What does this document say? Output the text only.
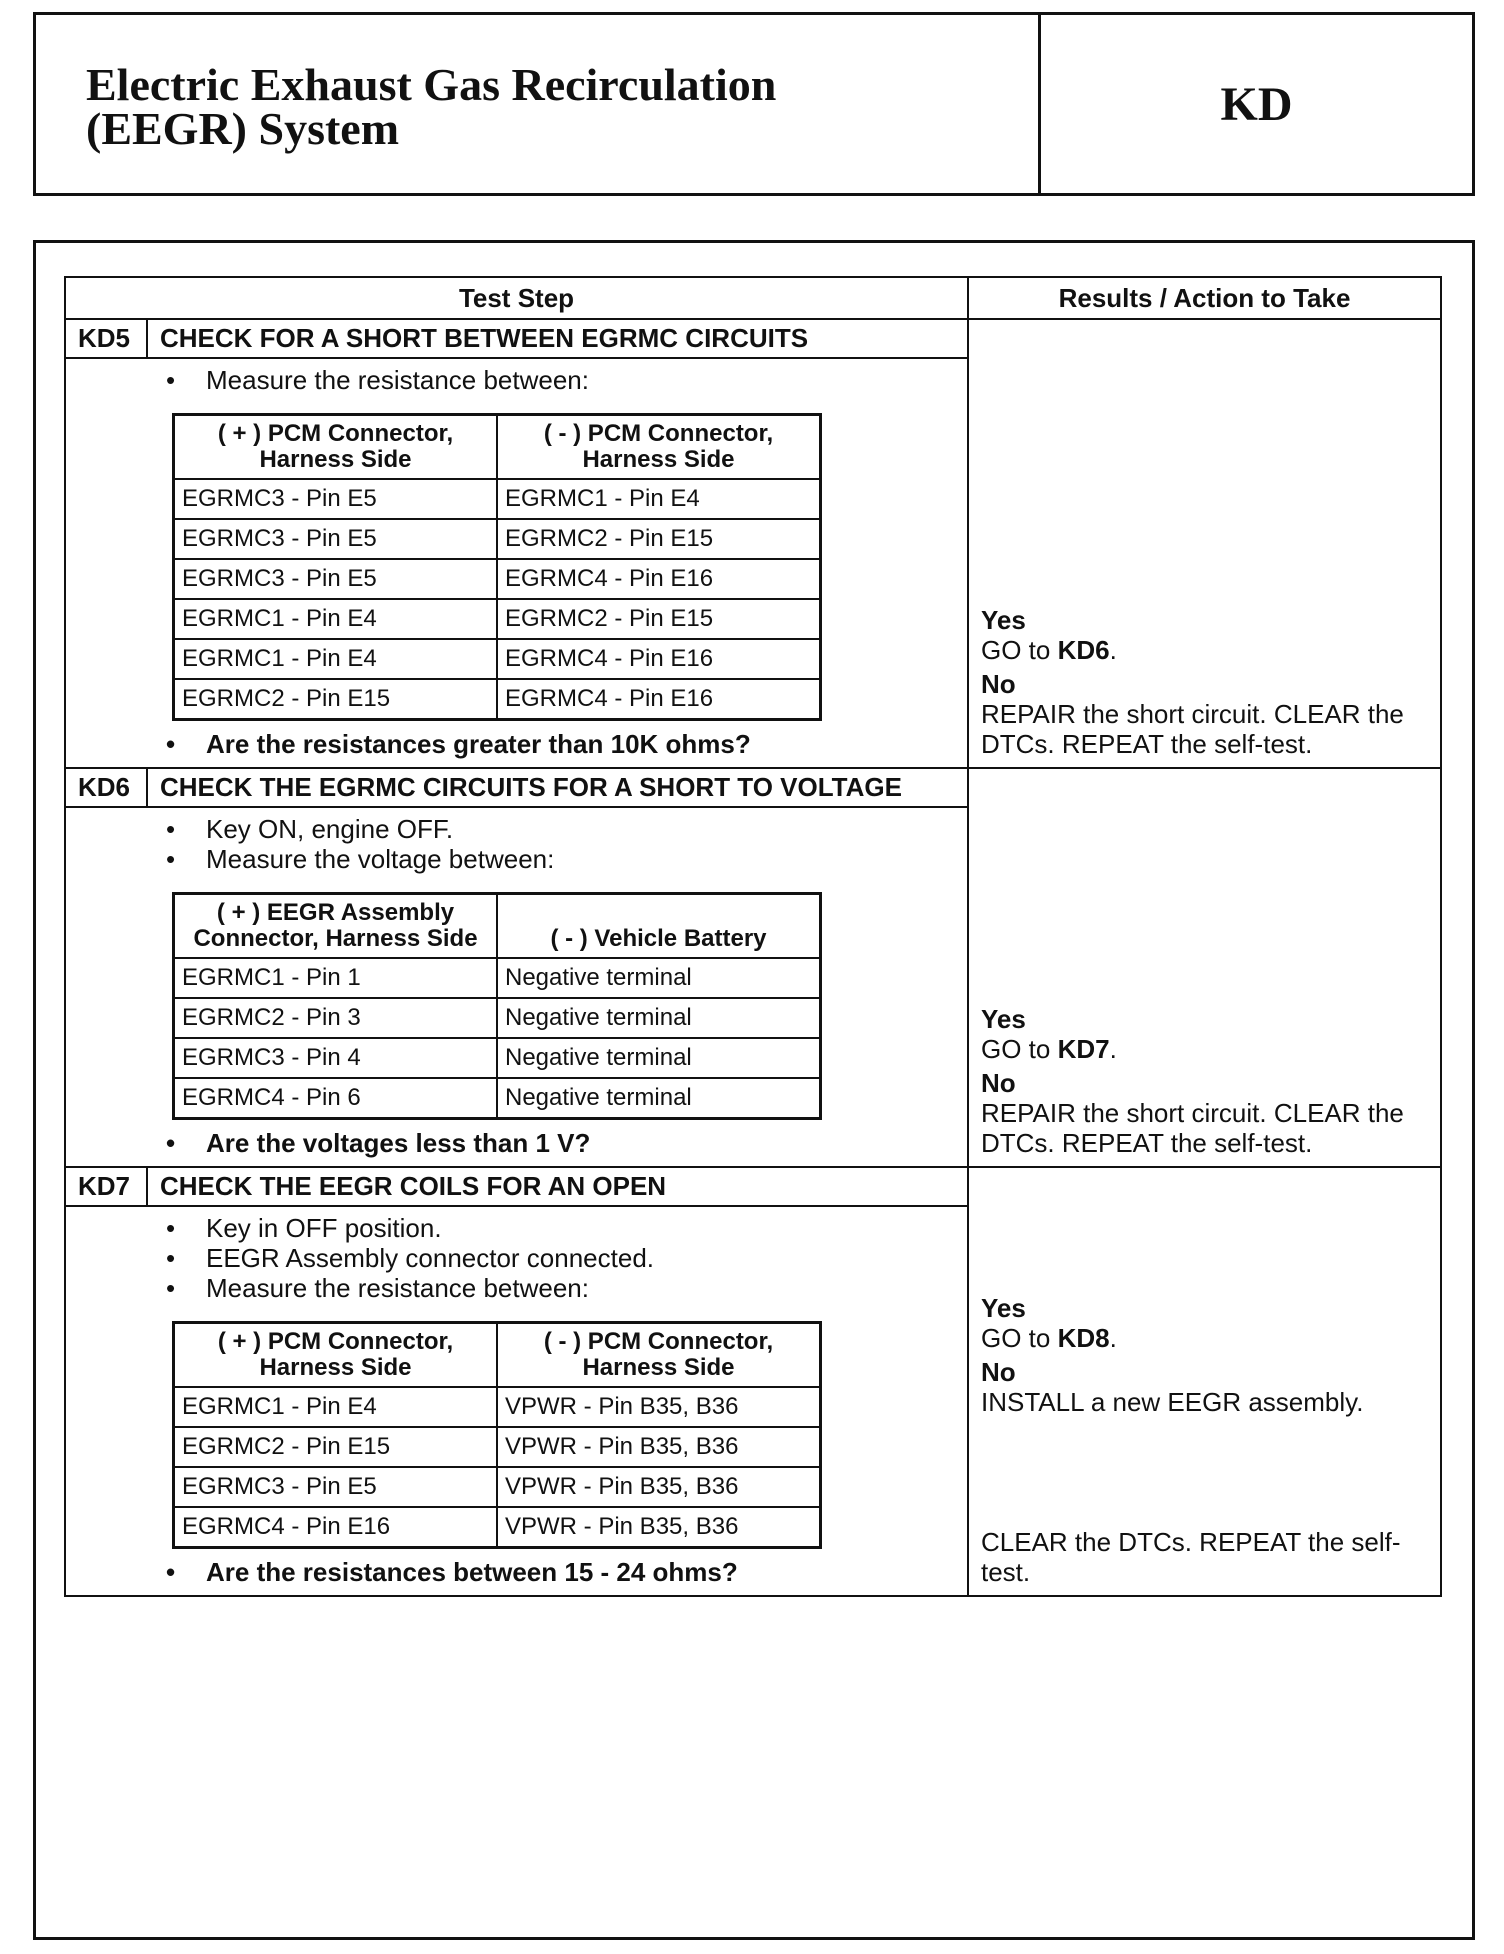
Electric Exhaust Gas Recirculation
(EEGR) System	KD
Test Step	Results / Action to Take

KD5	CHECK FOR A SHORT BETWEEN EGRMC CIRCUITS
• Measure the resistance between:
( + ) PCM Connector, Harness Side	( - ) PCM Connector, Harness Side
EGRMC3 - Pin E5	EGRMC1 - Pin E4
EGRMC3 - Pin E5	EGRMC2 - Pin E15
EGRMC3 - Pin E5	EGRMC4 - Pin E16
EGRMC1 - Pin E4	EGRMC2 - Pin E15
EGRMC1 - Pin E4	EGRMC4 - Pin E16
EGRMC2 - Pin E15	EGRMC4 - Pin E16
• Are the resistances greater than 10K ohms?

Yes
GO to KD6.
No
REPAIR the short circuit. CLEAR the DTCs. REPEAT the self-test.

KD6	CHECK THE EGRMC CIRCUITS FOR A SHORT TO VOLTAGE
• Key ON, engine OFF.
• Measure the voltage between:
( + ) EEGR Assembly Connector, Harness Side	( - ) Vehicle Battery
EGRMC1 - Pin 1	Negative terminal
EGRMC2 - Pin 3	Negative terminal
EGRMC3 - Pin 4	Negative terminal
EGRMC4 - Pin 6	Negative terminal
• Are the voltages less than 1 V?

Yes
GO to KD7.
No
REPAIR the short circuit. CLEAR the DTCs. REPEAT the self-test.

KD7	CHECK THE EEGR COILS FOR AN OPEN
• Key in OFF position.
• EEGR Assembly connector connected.
• Measure the resistance between:
( + ) PCM Connector, Harness Side	( - ) PCM Connector, Harness Side
EGRMC1 - Pin E4	VPWR - Pin B35, B36
EGRMC2 - Pin E15	VPWR - Pin B35, B36
EGRMC3 - Pin E5	VPWR - Pin B35, B36
EGRMC4 - Pin E16	VPWR - Pin B35, B36
• Are the resistances between 15 - 24 ohms?

Yes
GO to KD8.
No
INSTALL a new EEGR assembly.
CLEAR the DTCs. REPEAT the self-test.
